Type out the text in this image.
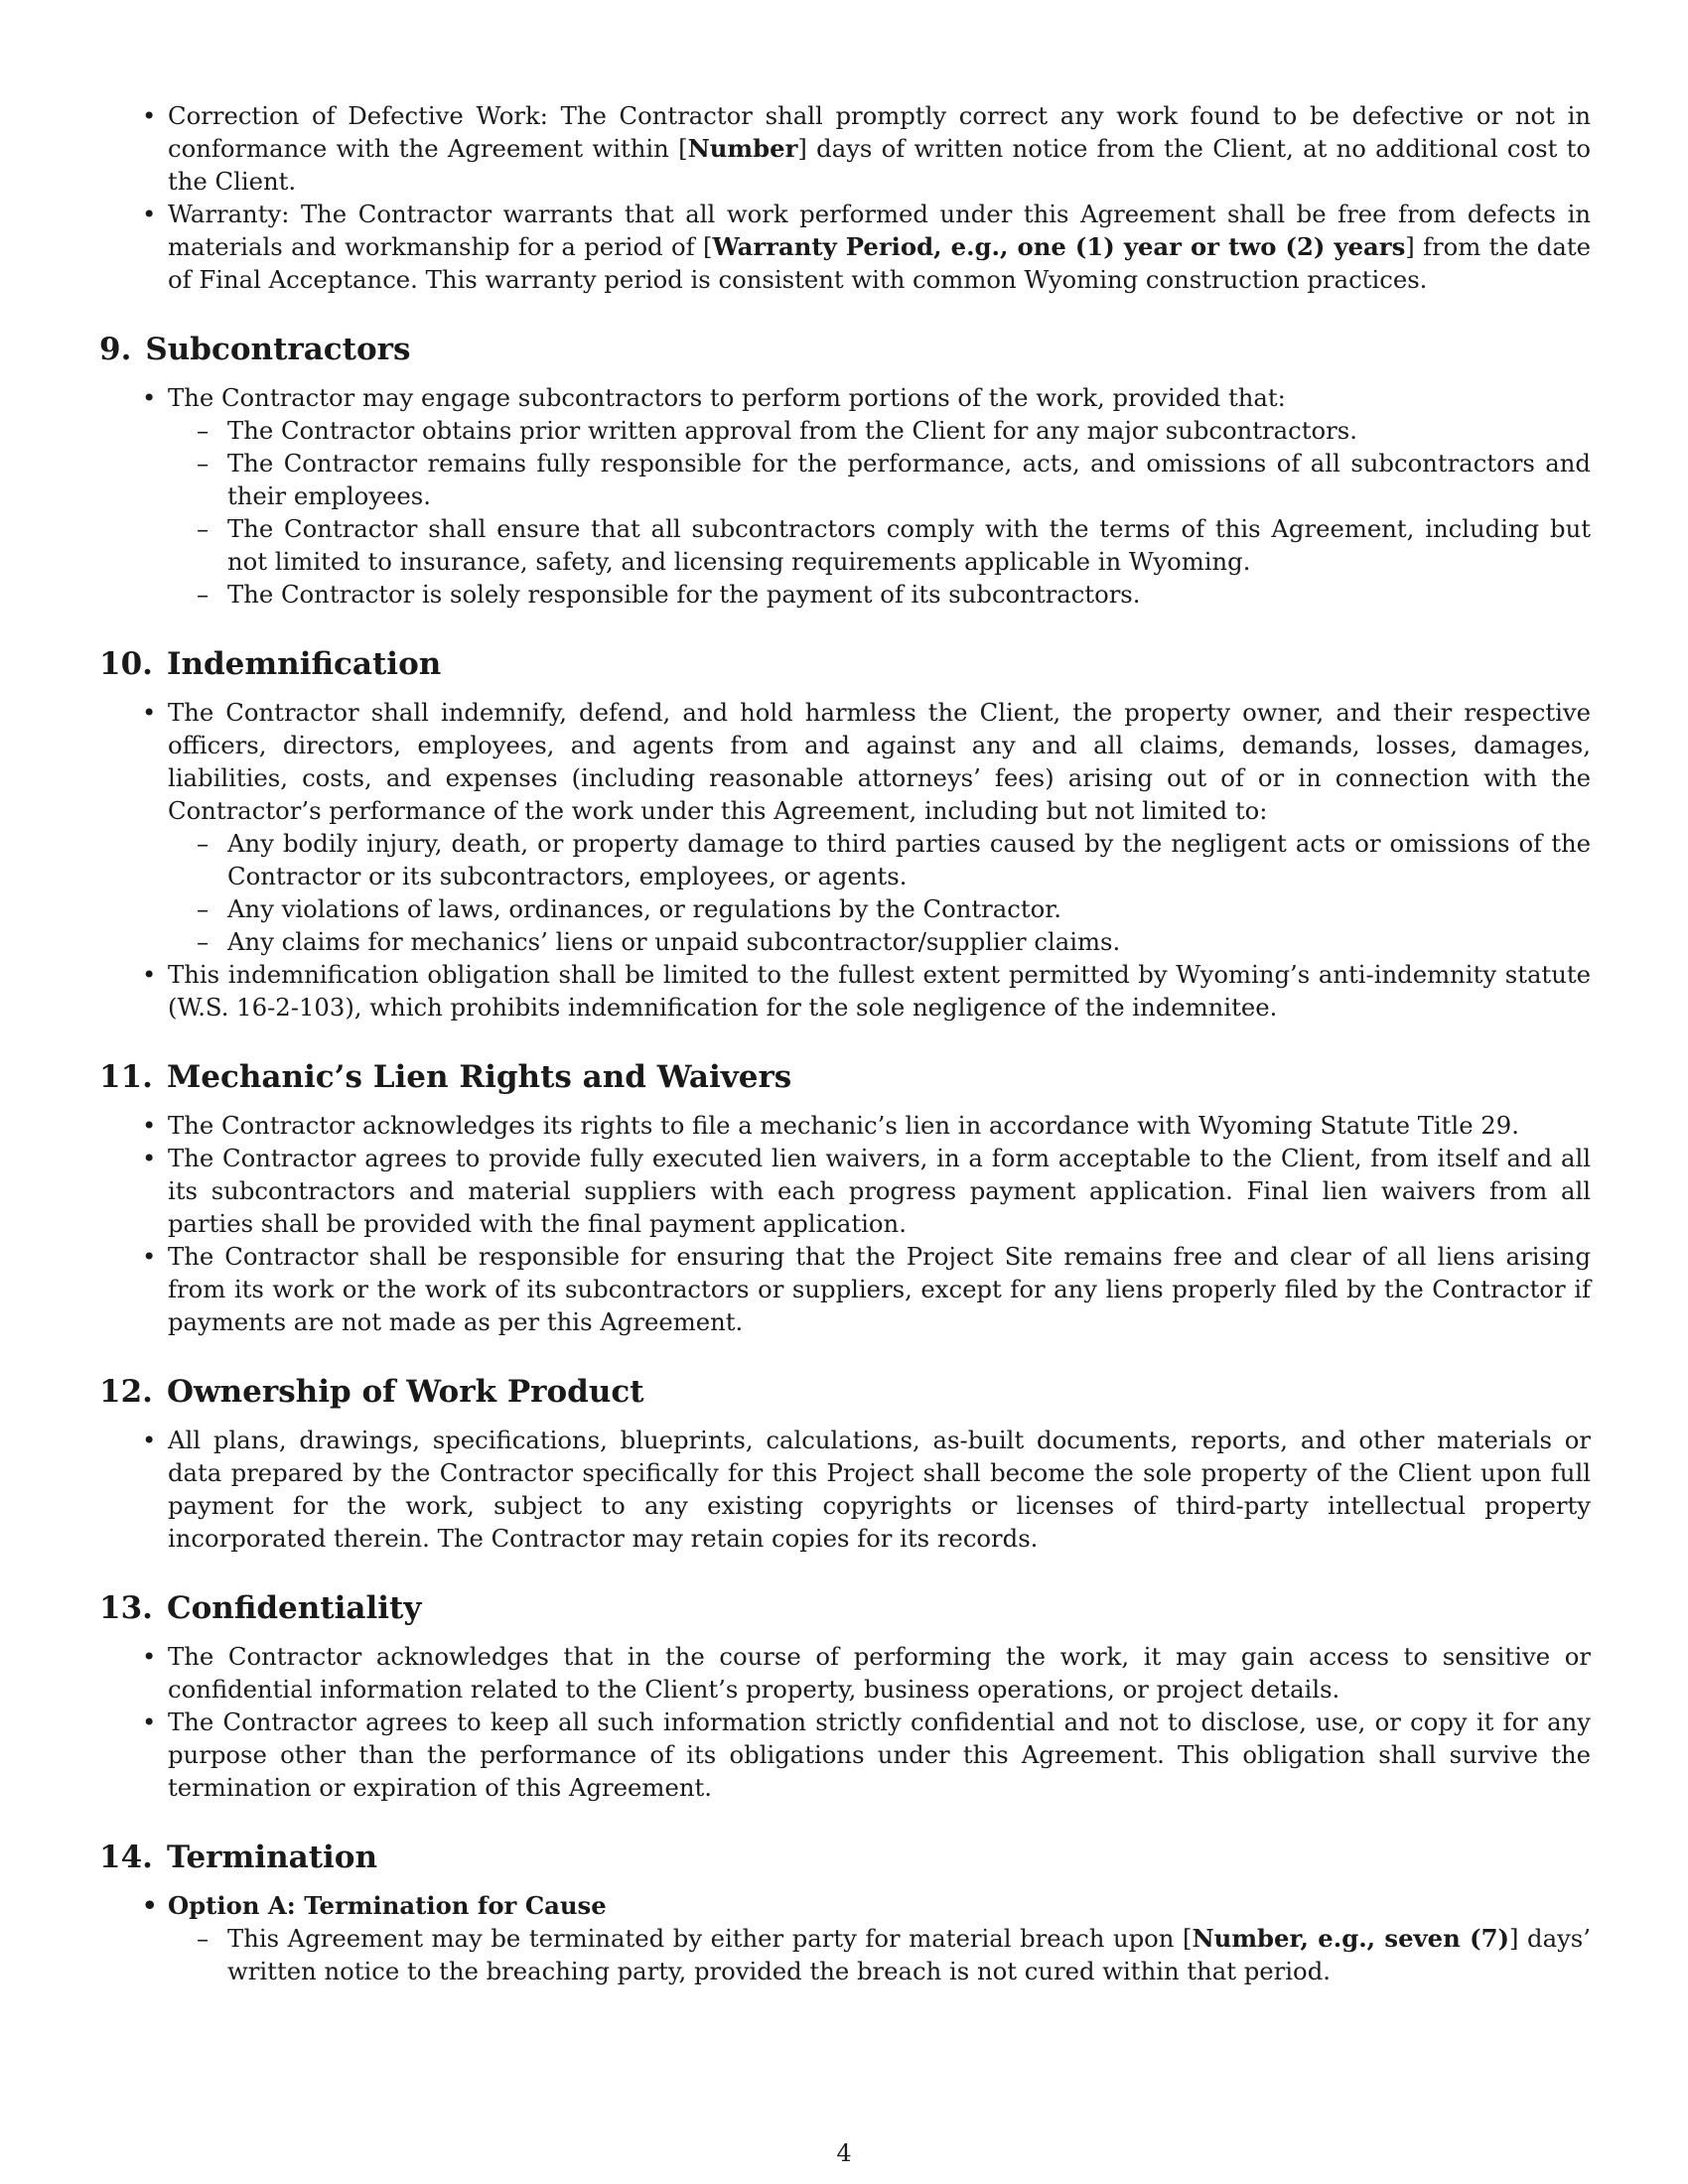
• Correction of Defective Work: The Contractor shall promptly correct any work found to be defective or not in conformance with the Agreement within [Number] days of written notice from the Client, at no additional cost to the Client.
• Warranty: The Contractor warrants that all work performed under this Agreement shall be free from defects in materials and workmanship for a period of [Warranty Period, e.g., one (1) year or two (2) years] from the date of Final Acceptance. This warranty period is consistent with common Wyoming construction practices.
9. Subcontractors
• The Contractor may engage subcontractors to perform portions of the work, provided that:
– The Contractor obtains prior written approval from the Client for any major subcontractors.
– The Contractor remains fully responsible for the performance, acts, and omissions of all subcontractors and their employees.
– The Contractor shall ensure that all subcontractors comply with the terms of this Agreement, including but not limited to insurance, safety, and licensing requirements applicable in Wyoming.
– The Contractor is solely responsible for the payment of its subcontractors.
10. Indemnification
• The Contractor shall indemnify, defend, and hold harmless the Client, the property owner, and their respective officers, directors, employees, and agents from and against any and all claims, demands, losses, damages, liabilities, costs, and expenses (including reasonable attorneys’ fees) arising out of or in connection with the Contractor’s performance of the work under this Agreement, including but not limited to:
– Any bodily injury, death, or property damage to third parties caused by the negligent acts or omissions of the Contractor or its subcontractors, employees, or agents.
– Any violations of laws, ordinances, or regulations by the Contractor.
– Any claims for mechanics’ liens or unpaid subcontractor/supplier claims.
• This indemnification obligation shall be limited to the fullest extent permitted by Wyoming’s anti-indemnity statute (W.S. 16-2-103), which prohibits indemnification for the sole negligence of the indemnitee.
11. Mechanic’s Lien Rights and Waivers
• The Contractor acknowledges its rights to file a mechanic’s lien in accordance with Wyoming Statute Title 29.
• The Contractor agrees to provide fully executed lien waivers, in a form acceptable to the Client, from itself and all its subcontractors and material suppliers with each progress payment application. Final lien waivers from all parties shall be provided with the final payment application.
• The Contractor shall be responsible for ensuring that the Project Site remains free and clear of all liens arising from its work or the work of its subcontractors or suppliers, except for any liens properly filed by the Contractor if payments are not made as per this Agreement.
12. Ownership of Work Product
• All plans, drawings, specifications, blueprints, calculations, as-built documents, reports, and other materials or data prepared by the Contractor specifically for this Project shall become the sole property of the Client upon full payment for the work, subject to any existing copyrights or licenses of third-party intellectual property incorporated therein. The Contractor may retain copies for its records.
13. Confidentiality
• The Contractor acknowledges that in the course of performing the work, it may gain access to sensitive or confidential information related to the Client’s property, business operations, or project details.
• The Contractor agrees to keep all such information strictly confidential and not to disclose, use, or copy it for any purpose other than the performance of its obligations under this Agreement. This obligation shall survive the termination or expiration of this Agreement.
14. Termination
• Option A: Termination for Cause
– This Agreement may be terminated by either party for material breach upon [Number, e.g., seven (7)] days’ written notice to the breaching party, provided the breach is not cured within that period.
4
